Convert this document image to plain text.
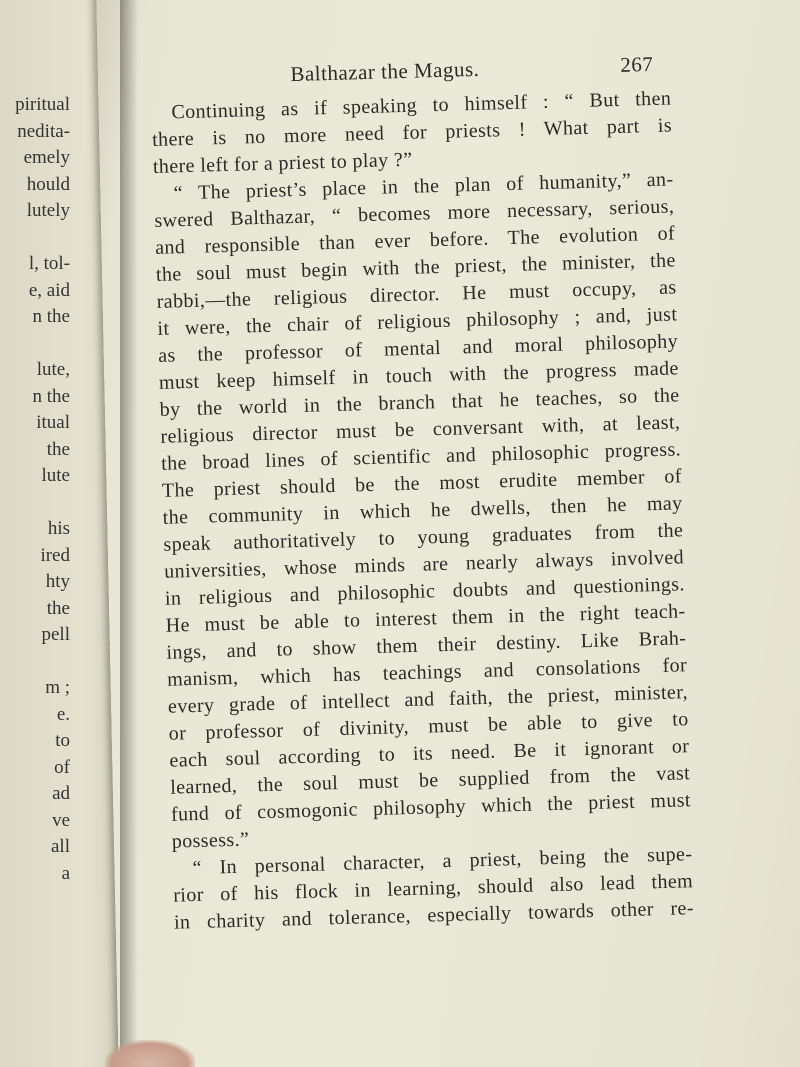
piritual
nedita-
emely
hould
lutely
l, tol-
e, aid
n the
lute,
n the
itual
the
lute
his
ired
hty
the
pell
m ;
e.
to
of
ad
ve
all
a
Balthazar the Magus.	267
Continuing as if speaking to himself : “ But then
there is no more need for priests ! What part is
there left for a priest to play ?”
“ The priest’s place in the plan of humanity,” an-
swered Balthazar, “ becomes more necessary, serious,
and responsible than ever before. The evolution of
the soul must begin with the priest, the minister, the
rabbi,—the religious director. He must occupy, as
it were, the chair of religious philosophy ; and, just
as the professor of mental and moral philosophy
must keep himself in touch with the progress made
by the world in the branch that he teaches, so the
religious director must be conversant with, at least,
the broad lines of scientific and philosophic progress.
The priest should be the most erudite member of
the community in which he dwells, then he may
speak authoritatively to young graduates from the
universities, whose minds are nearly always involved
in religious and philosophic doubts and questionings.
He must be able to interest them in the right teach-
ings, and to show them their destiny. Like Brah-
manism, which has teachings and consolations for
every grade of intellect and faith, the priest, minister,
or professor of divinity, must be able to give to
each soul according to its need. Be it ignorant or
learned, the soul must be supplied from the vast
fund of cosmogonic philosophy which the priest must
possess.”
“ In personal character, a priest, being the supe-
rior of his flock in learning, should also lead them
in charity and tolerance, especially towards other re-
